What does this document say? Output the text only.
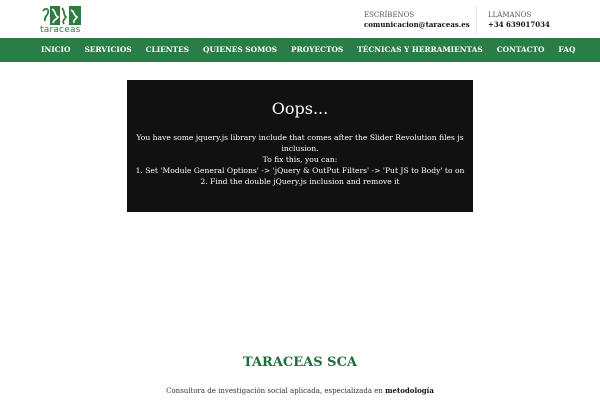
taraceas
ESCRÍBENOS
comunicacion@taraceas.es
LLÁMANOS
+34 639017034
INICIO	SERVICIOS	CLIENTES	QUIENES SOMOS	PROYECTOS	TÉCNICAS Y HERRAMIENTAS	CONTACTO	FAQ
Oops...
You have some jquery.js library include that comes after the Slider Revolution files js inclusion.
To fix this, you can:
1. Set 'Module General Options' -> 'jQuery & OutPut Filters' -> 'Put JS to Body' to on
2. Find the double jQuery.js inclusion and remove it
TARACEAS SCA
Consultora de investigación social aplicada, especializada en metodología
